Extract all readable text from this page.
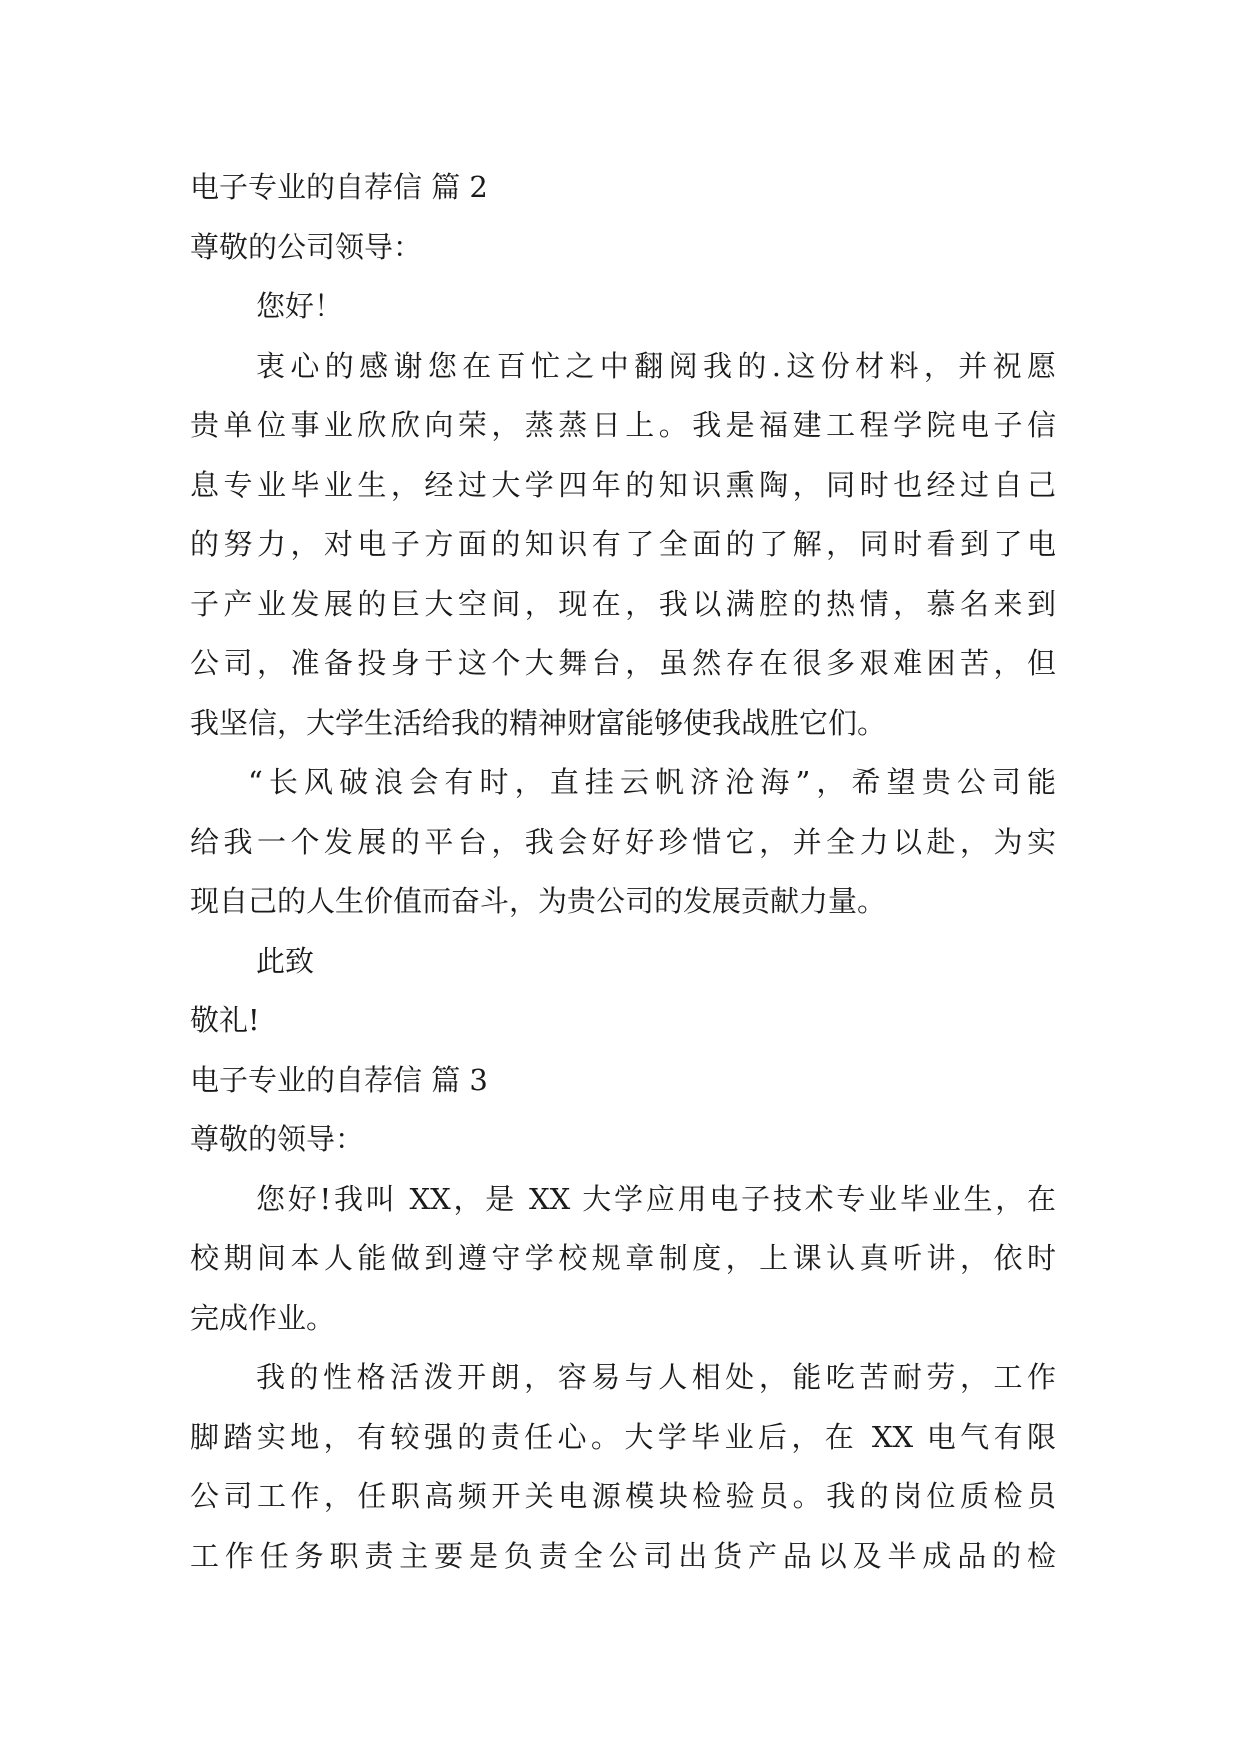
电子专业的自荐信 篇 2
尊敬的公司领导：
您好！
衷心的感谢您在百忙之中翻阅我的.这份材料，并祝愿
贵单位事业欣欣向荣，蒸蒸日上。我是福建工程学院电子信
息专业毕业生，经过大学四年的知识熏陶，同时也经过自己
的努力，对电子方面的知识有了全面的了解，同时看到了电
子产业发展的巨大空间，现在，我以满腔的热情，慕名来到
公司，准备投身于这个大舞台，虽然存在很多艰难困苦，但
我坚信，大学生活给我的精神财富能够使我战胜它们。
“长风破浪会有时，直挂云帆济沧海”，希望贵公司能
给我一个发展的平台，我会好好珍惜它，并全力以赴，为实
现自己的人生价值而奋斗，为贵公司的发展贡献力量。
此致
敬礼!
电子专业的自荐信 篇 3
尊敬的领导：
您好!我叫 XX，是 XX 大学应用电子技术专业毕业生，在
校期间本人能做到遵守学校规章制度，上课认真听讲，依时
完成作业。
我的性格活泼开朗，容易与人相处，能吃苦耐劳，工作
脚踏实地，有较强的责任心。大学毕业后，在 XX 电气有限
公司工作，任职高频开关电源模块检验员。我的岗位质检员
工作任务职责主要是负责全公司出货产品以及半成品的检
